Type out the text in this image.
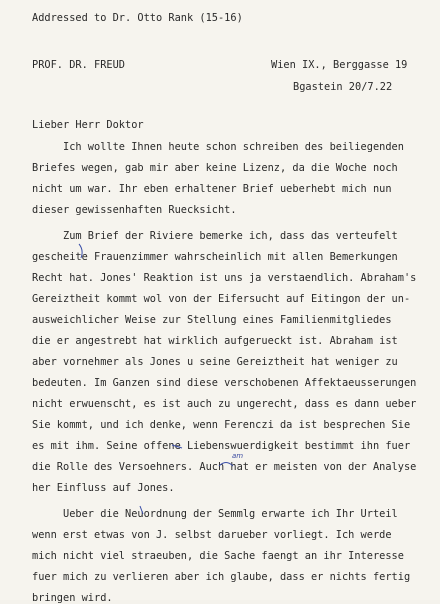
Addressed to Dr. Otto Rank (15-16)
PROF. DR. FREUD	Wien IX., Berggasse 19
Bgastein 20/7.22
Lieber Herr Doktor
Ich wollte Ihnen heute schon schreiben des beiliegenden
Briefes wegen, gab mir aber keine Lizenz, da die Woche noch
nicht um war. Ihr eben erhaltener Brief ueberhebt mich nun
dieser gewissenhaften Ruecksicht.
Zum Brief der Riviere bemerke ich, dass das verteufelt
gescheite Frauenzimmer wahrscheinlich mit allen Bemerkungen
Recht hat. Jones' Reaktion ist uns ja verstaendlich. Abraham's
Gereiztheit kommt wol von der Eifersucht auf Eitingon der un-
ausweichlicher Weise zur Stellung eines Familienmitgliedes
die er angestrebt hat wirklich aufgerueckt ist. Abraham ist
aber vornehmer als Jones u seine Gereiztheit hat weniger zu
bedeuten. Im Ganzen sind diese verschobenen Affektaeusserungen
nicht erwuenscht, es ist auch zu ungerecht, dass es dann ueber
Sie kommt, und ich denke, wenn Ferenczi da ist besprechen Sie
es mit ihm. Seine offene Liebenswuerdigkeit bestimmt ihn fuer
die Rolle des Versoehners. Auch hat er meisten von der Analyse
her Einfluss auf Jones.
Ueber die Neuordnung der Semmlg erwarte ich Ihr Urteil
wenn erst etwas von J. selbst darueber vorliegt. Ich werde
mich nicht viel straeuben, die Sache faengt an ihr Interesse
fuer mich zu verlieren aber ich glaube, dass er nichts fertig
bringen wird.
am
